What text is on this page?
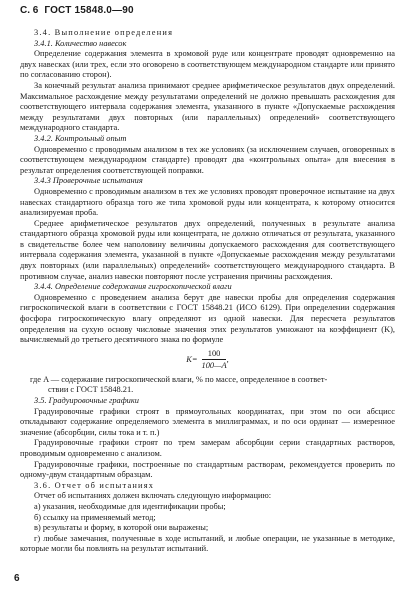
С. 6 ГОСТ 15848.0—90

3.4. Выполнение определения

3.4.1. Количество навесок

Определение содержания элемента в хромовой руде или концентрате проводят одновременно на двух навесках (или трех, если это оговорено в соответствующем международном стандарте или принято по согласованию сторон).

За конечный результат анализа принимают среднее арифметическое результатов двух определений. Максимальное расхождение между результатами определений не должно превышать расхождения для соответствующего интервала содержания элемента, указанного в пункте «Допускаемые расхождения между результатами двух повторных (или параллельных) определений» соответствующего международного стандарта.

3.4.2. Контрольный опыт

Одновременно с проводимым анализом в тех же условиях (за исключением случаев, оговоренных в соответствующем международном стандарте) проводят два «контрольных опыта» для внесения в результат определения соответствующей поправки.

3.4.3 Проверочные испытания

Одновременно с проводимым анализом в тех же условиях проводят проверочное испытание на двух навесках стандартного образца того же типа хромовой руды или концентрата, к которому относится анализируемая проба.

Среднее арифметическое результатов двух определений, полученных в результате анализа стандартного образца хромовой руды или концентрата, не должно отличаться от результата, указанного в свидетельстве более чем наполовину величины допускаемого расхождения для соответствующего интервала содержания элемента, указанной в пункте «Допускаемые расхождения между результатами двух повторных (или параллельных) определений» соответствующего международного стандарта. В противном случае, анализ навески повторяют после устранения причины расхождения.

3.4.4. Определение содержания гигроскопической влаги

Одновременно с проведением анализа берут две навески пробы для определения содержания гигроскопической влаги в соответствии с ГОСТ 15848.21 (ИСО 6129). При определении содержания фосфора гигроскопическую влагу определяют из одной навески. Для пересчета результатов определения на сухую основу числовые значения этих результатов умножают на коэффициент (K), вычисляемый до третьего десятичного знака по формуле

$K= \frac{100}{100—A}$ ,

где A — содержание гигроскопической влаги, % по массе, определенное в соответ-

ствии с ГОСТ 15848.21.

3.5. Градуировочные графики

Градуировочные графики строят в прямоугольных координатах, при этом по оси абсцисс откладывают содержание определяемого элемента в миллиграммах, и по оси ординат — измеренное значение (абсорбции, силы тока и т. п.)

Градуировочные графики строят по трем замерам абсорбции серии стандартных растворов, проводимым одновременно с анализом.

Градуировочные графики, построенные по стандартным растворам, рекомендуется проверить по одному-двум стандартным образцам.

3.6. Отчет об испытаниях

Отчет об испытаниях должен включать следующую информацию:

а) указания, необходимые для идентификации пробы;

б) ссылку на применяемый метод;

в) результаты и форму, в которой они выражены;

г) любые замечания, полученные в ходе испытаний, и любые операции, не указанные в методике, которые могли бы повлиять на результат испытаний.

6
